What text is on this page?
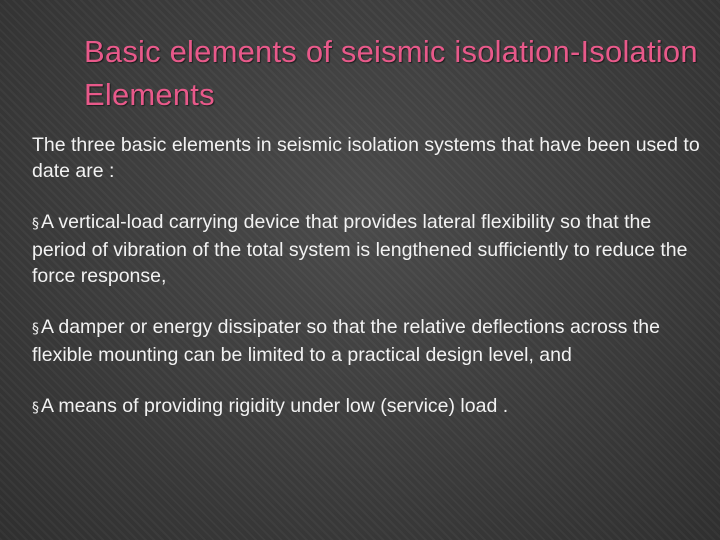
Basic elements of seismic isolation-Isolation Elements

The three basic elements in seismic isolation systems that have been used to date are :

§ A vertical-load carrying device that provides lateral flexibility so that the period of vibration of the total system is lengthened sufficiently to reduce the force response,
§ A damper or energy dissipater so that the relative deflections across the flexible mounting can be limited to a practical design level, and
§ A means of providing rigidity under low (service) load .
